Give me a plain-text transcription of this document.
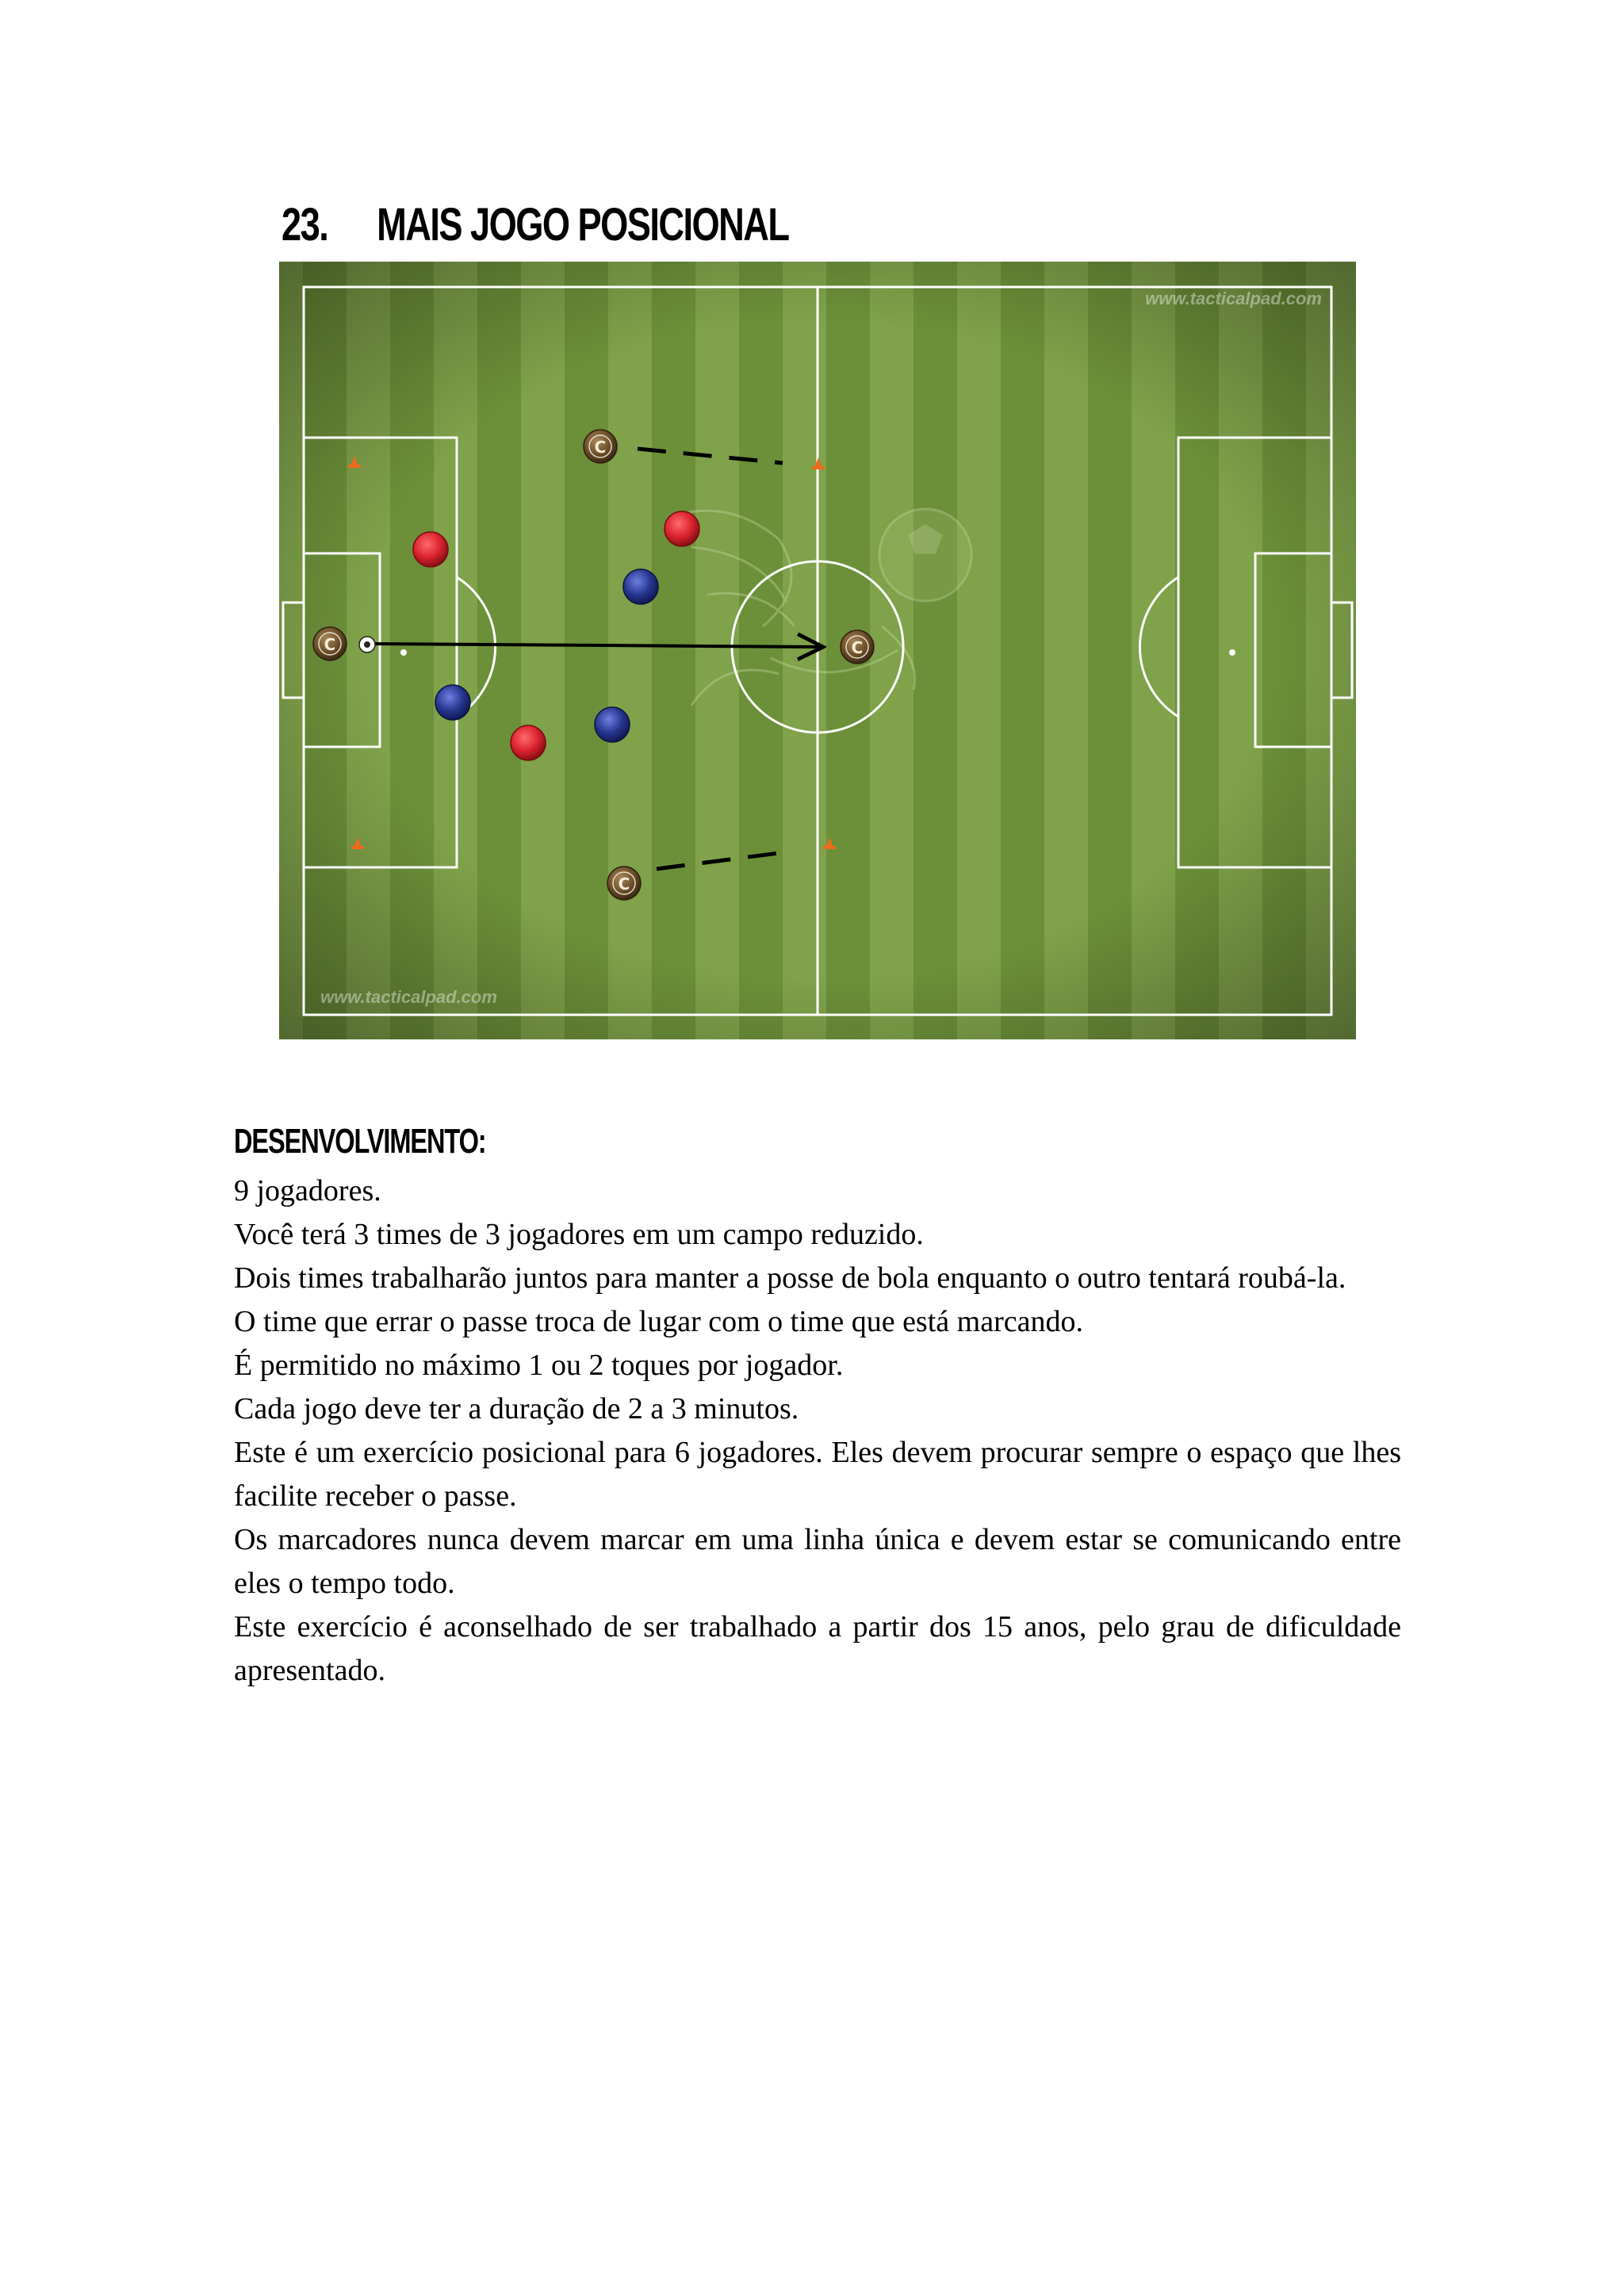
23. MAIS JOGO POSICIONAL
www.tacticalpad.com
www.tacticalpad.com
C
C	C
C
DESENVOLVIMENTO:

9 jogadores.

Você terá 3 times de 3 jogadores em um campo reduzido.

Dois times trabalharão juntos para manter a posse de bola enquanto o outro tentará roubá-la.

O time que errar o passe troca de lugar com o time que está marcando.

É permitido no máximo 1 ou 2 toques por jogador.

Cada jogo deve ter a duração de 2 a 3 minutos.

Este é um exercício posicional para 6 jogadores. Eles devem procurar sempre o espaço que lhes facilite receber o passe.

Os marcadores nunca devem marcar em uma linha única e devem estar se comunicando entre eles o tempo todo.

Este exercício é aconselhado de ser trabalhado a partir dos 15 anos, pelo grau de dificuldade apresentado.
